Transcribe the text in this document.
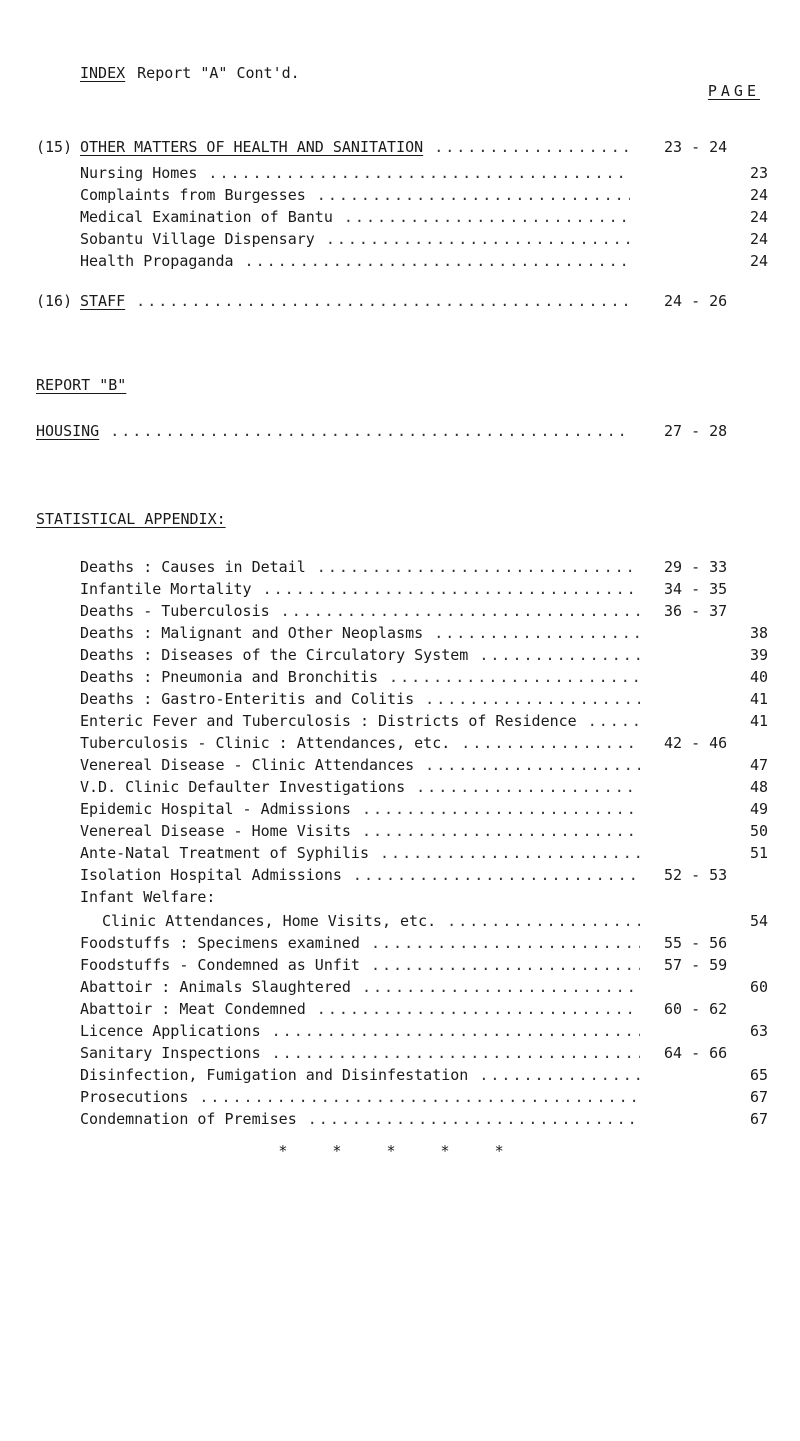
INDEX Report "A" Cont'd.
PAGE
(15) OTHER MATTERS OF HEALTH AND SANITATION .....	23 - 24
Nursing Homes .....	23
Complaints from Burgesses .....	24
Medical Examination of Bantu .....	24
Sobantu Village Dispensary .....	24
Health Propaganda .....	24
(16) STAFF .....	24 - 26
REPORT "B"
HOUSING .....	27 - 28
STATISTICAL APPENDIX:
Deaths : Causes in Detail .....	29 - 33
Infantile Mortality .....	34 - 35
Deaths - Tuberculosis .....	36 - 37
Deaths : Malignant and Other Neoplasms .....	38
Deaths : Diseases of the Circulatory System .....	39
Deaths : Pneumonia and Bronchitis .....	40
Deaths : Gastro-Enteritis and Colitis .....	41
Enteric Fever and Tuberculosis : Districts of Residence .....	41
Tuberculosis - Clinic : Attendances, etc. .....	42 - 46
Venereal Disease - Clinic Attendances .....	47
V.D. Clinic Defaulter Investigations .....	48
Epidemic Hospital - Admissions .....	49
Venereal Disease - Home Visits .....	50
Ante-Natal Treatment of Syphilis .....	51
Isolation Hospital Admissions .....	52 - 53
Infant Welfare:
Clinic Attendances, Home Visits, etc. .....	54
Foodstuffs : Specimens examined .....	55 - 56
Foodstuffs - Condemned as Unfit .....	57 - 59
Abattoir : Animals Slaughtered .....	60
Abattoir : Meat Condemned .....	60 - 62
Licence Applications .....	63
Sanitary Inspections .....	64 - 66
Disinfection, Fumigation and Disinfestation .....	65
Prosecutions .....	67
Condemnation of Premises .....	67
* * * * *
